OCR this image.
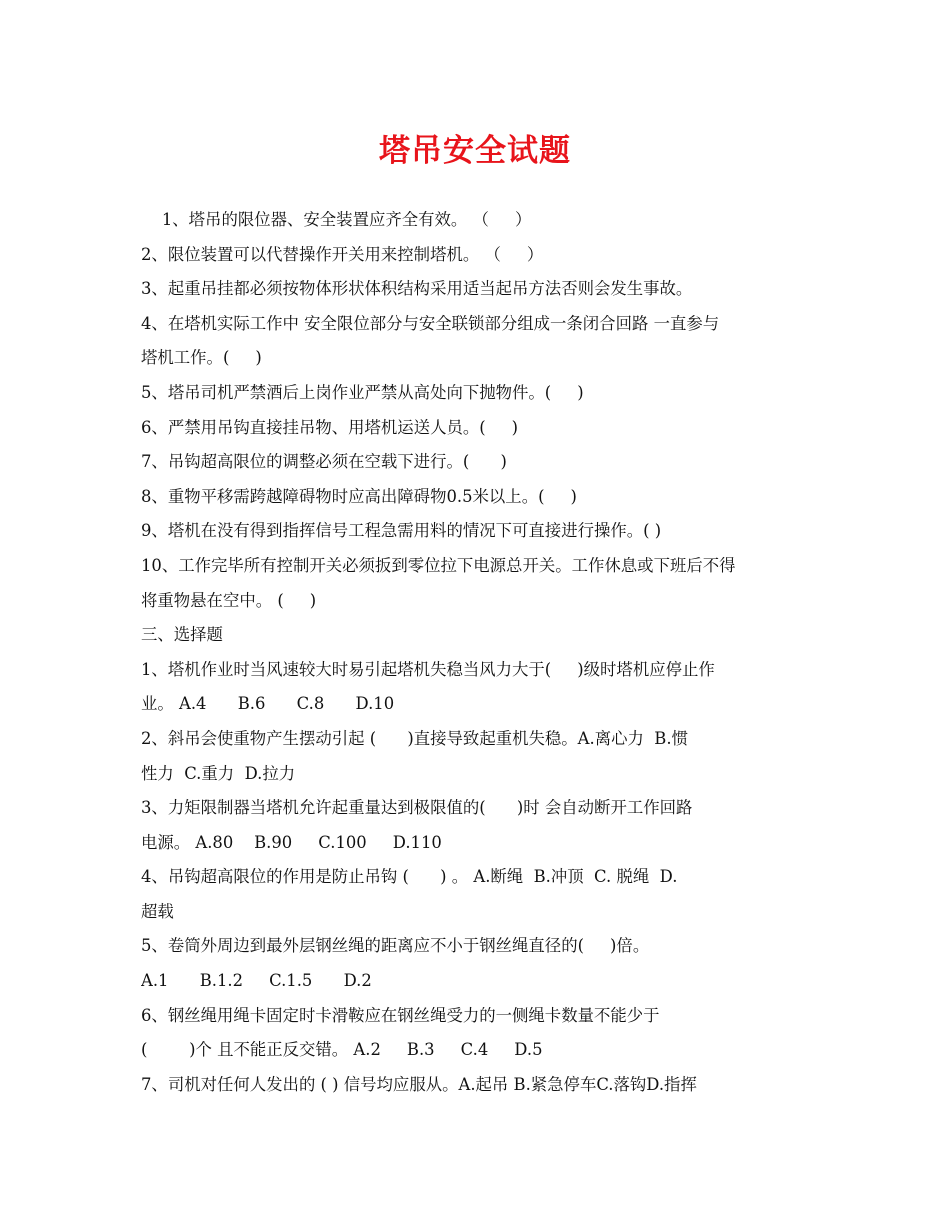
塔吊安全试题
1、塔吊的限位器、安全装置应齐全有效。 （     ）
2、限位装置可以代替操作开关用来控制塔机。 （     ）
3、起重吊挂都必须按物体形状体积结构采用适当起吊方法否则会发生事故。
4、在塔机实际工作中 安全限位部分与安全联锁部分组成一条闭合回路 一直参与
塔机工作。(     )
5、塔吊司机严禁酒后上岗作业严禁从高处向下抛物件。(     )
6、严禁用吊钩直接挂吊物、用塔机运送人员。(     )
7、吊钩超高限位的调整必须在空载下进行。(      )
8、重物平移需跨越障碍物时应高出障碍物0.5米以上。(     )
9、塔机在没有得到指挥信号工程急需用料的情况下可直接进行操作。( )
10、工作完毕所有控制开关必须扳到零位拉下电源总开关。工作休息或下班后不得
将重物悬在空中。 (     )
三、选择题
1、塔机作业时当风速较大时易引起塔机失稳当风力大于(     )级时塔机应停止作
业。 A.4      B.6      C.8      D.10
2、斜吊会使重物产生摆动引起 (      )直接导致起重机失稳。A.离心力  B.惯
性力  C.重力  D.拉力
3、力矩限制器当塔机允许起重量达到极限值的(      )时 会自动断开工作回路
电源。 A.80    B.90     C.100     D.110
4、吊钩超高限位的作用是防止吊钩 (      ) 。 A.断绳  B.冲顶  C. 脱绳  D.
超载
5、卷筒外周边到最外层钢丝绳的距离应不小于钢丝绳直径的(     )倍。
A.1      B.1.2     C.1.5      D.2
6、钢丝绳用绳卡固定时卡滑鞍应在钢丝绳受力的一侧绳卡数量不能少于
(        )个 且不能正反交错。 A.2     B.3     C.4     D.5
7、司机对任何人发出的 ( ) 信号均应服从。A.起吊 B.紧急停车C.落钩D.指挥
